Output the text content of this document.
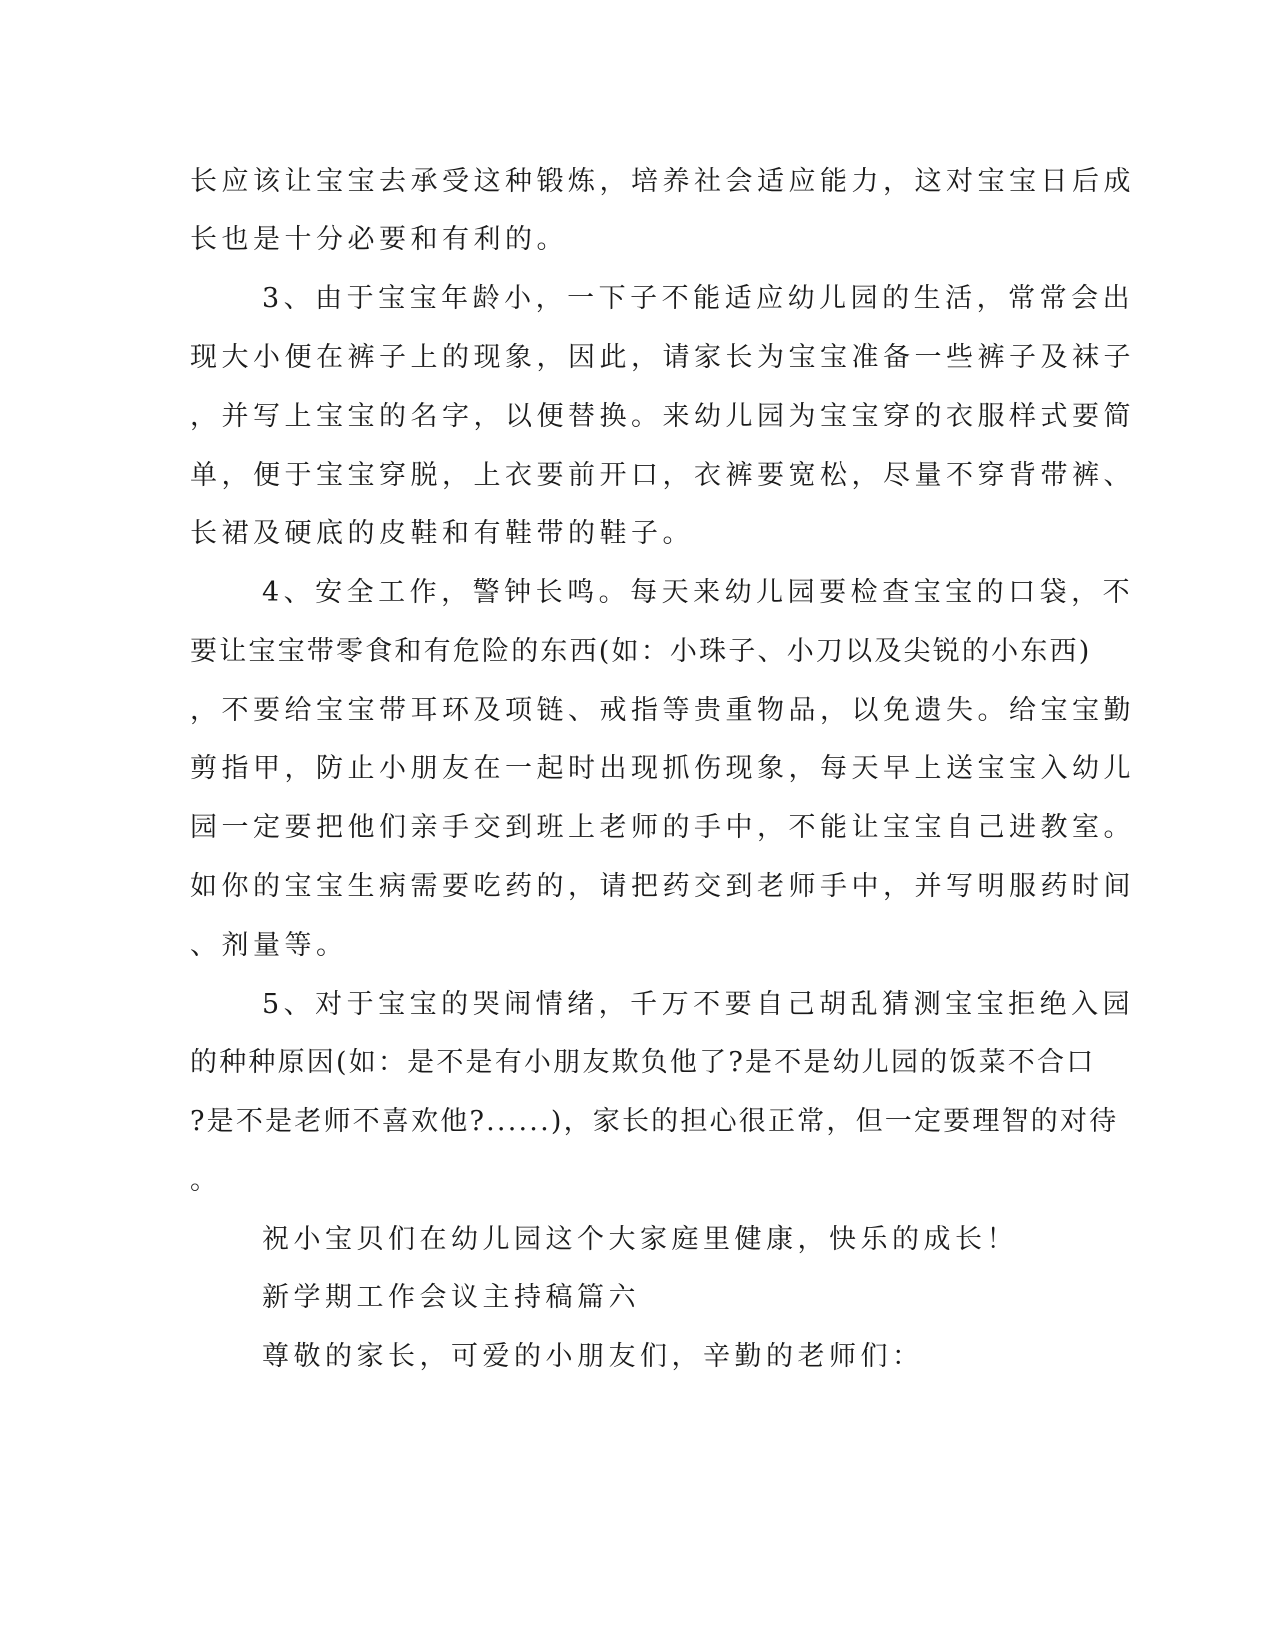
长应该让宝宝去承受这种锻炼，培养社会适应能力，这对宝宝日后成
长也是十分必要和有利的。
3、由于宝宝年龄小，一下子不能适应幼儿园的生活，常常会出
现大小便在裤子上的现象，因此，请家长为宝宝准备一些裤子及袜子
，并写上宝宝的名字，以便替换。来幼儿园为宝宝穿的衣服样式要简
单，便于宝宝穿脱，上衣要前开口，衣裤要宽松，尽量不穿背带裤、
长裙及硬底的皮鞋和有鞋带的鞋子。
4、安全工作，警钟长鸣。每天来幼儿园要检查宝宝的口袋，不
要让宝宝带零食和有危险的东西(如：小珠子、小刀以及尖锐的小东西)
，不要给宝宝带耳环及项链、戒指等贵重物品，以免遗失。给宝宝勤
剪指甲，防止小朋友在一起时出现抓伤现象，每天早上送宝宝入幼儿
园一定要把他们亲手交到班上老师的手中，不能让宝宝自己进教室。
如你的宝宝生病需要吃药的，请把药交到老师手中，并写明服药时间
、剂量等。
5、对于宝宝的哭闹情绪，千万不要自己胡乱猜测宝宝拒绝入园
的种种原因(如：是不是有小朋友欺负他了?是不是幼儿园的饭菜不合口
?是不是老师不喜欢他?......)，家长的担心很正常，但一定要理智的对待
。
祝小宝贝们在幼儿园这个大家庭里健康，快乐的成长！
新学期工作会议主持稿篇六
尊敬的家长，可爱的小朋友们，辛勤的老师们：
